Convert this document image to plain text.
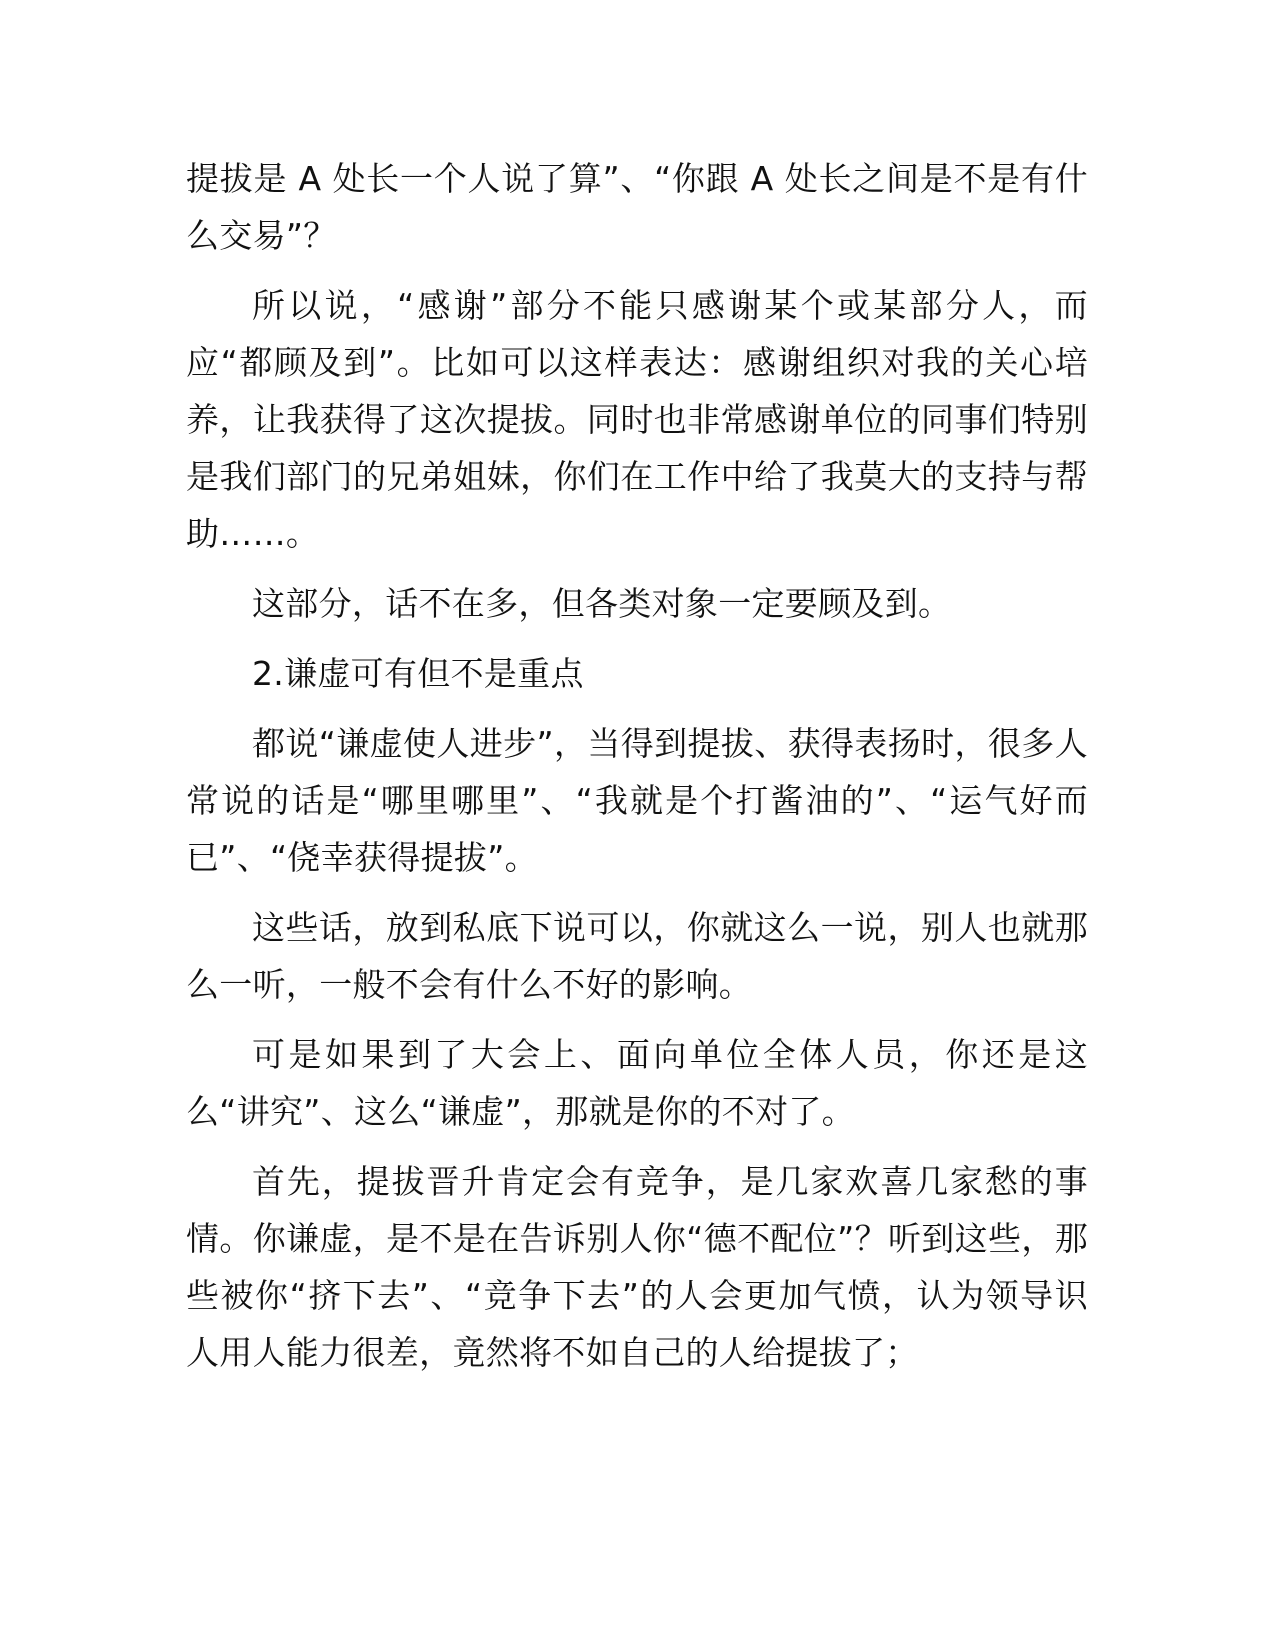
提拔是 A 处长一个人说了算”、“你跟 A 处长之间是不是有什么交易”？

所以说，“感谢”部分不能只感谢某个或某部分人，而应“都顾及到”。比如可以这样表达：感谢组织对我的关心培养，让我获得了这次提拔。同时也非常感谢单位的同事们特别是我们部门的兄弟姐妹，你们在工作中给了我莫大的支持与帮助……。

这部分，话不在多，但各类对象一定要顾及到。

2.谦虚可有但不是重点

都说“谦虚使人进步”，当得到提拔、获得表扬时，很多人常说的话是“哪里哪里”、“我就是个打酱油的”、“运气好而已”、“侥幸获得提拔”。

这些话，放到私底下说可以，你就这么一说，别人也就那么一听，一般不会有什么不好的影响。

可是如果到了大会上、面向单位全体人员，你还是这么“讲究”、这么“谦虚”，那就是你的不对了。

首先，提拔晋升肯定会有竞争，是几家欢喜几家愁的事情。你谦虚，是不是在告诉别人你“德不配位”？听到这些，那些被你“挤下去”、“竞争下去”的人会更加气愤，认为领导识人用人能力很差，竟然将不如自己的人给提拔了；
